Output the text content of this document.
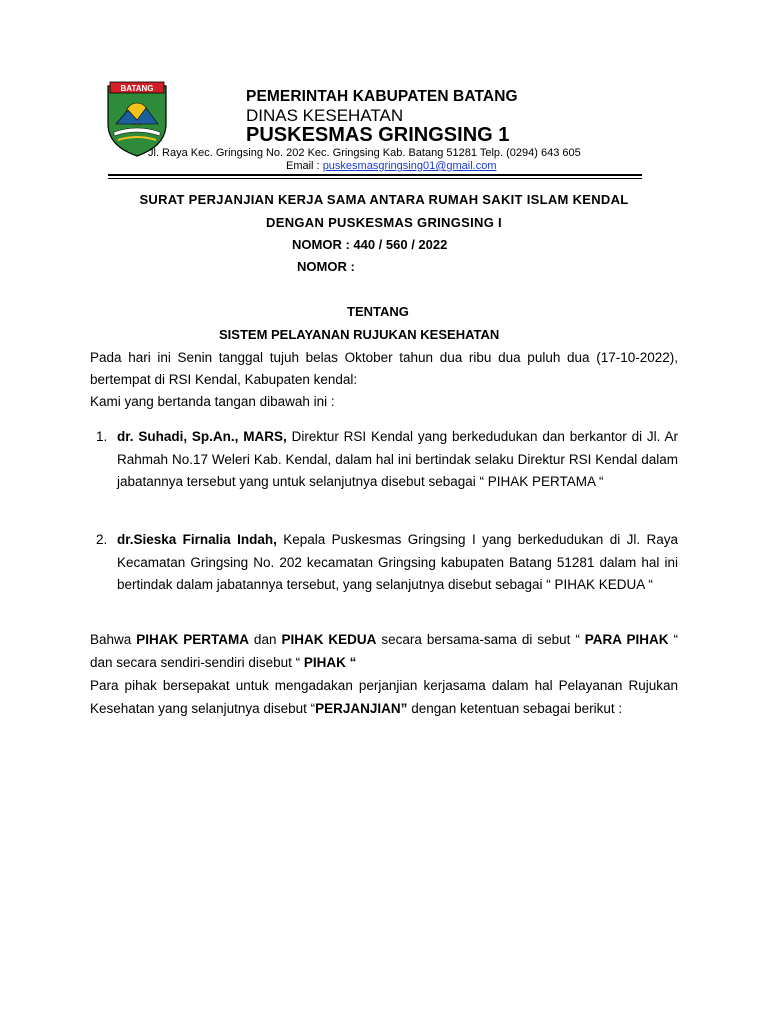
BATANG	PEMERINTAH KABUPATEN BATANG
DINAS KESEHATAN
PUSKESMAS GRINGSING 1
Jl. Raya Kec. Gringsing No. 202 Kec. Gringsing Kab. Batang 51281 Telp. (0294) 643 605
Email : puskesmasgringsing01@gmail.com
SURAT PERJANJIAN KERJA SAMA ANTARA RUMAH SAKIT ISLAM KENDAL
DENGAN PUSKESMAS GRINGSING I
NOMOR : 440 / 560 / 2022
NOMOR :
TENTANG
SISTEM PELAYANAN RUJUKAN KESEHATAN
Pada hari ini Senin tanggal tujuh belas Oktober tahun dua ribu dua puluh dua (17-10-2022), bertempat di RSI Kendal, Kabupaten kendal:
Kami yang bertanda tangan dibawah ini :
1. dr. Suhadi, Sp.An., MARS, Direktur RSI Kendal yang berkedudukan dan berkantor di Jl. Ar Rahmah No.17 Weleri Kab. Kendal, dalam hal ini bertindak selaku Direktur RSI Kendal dalam jabatannya tersebut yang untuk selanjutnya disebut sebagai “ PIHAK PERTAMA “
2. dr.Sieska Firnalia Indah, Kepala Puskesmas Gringsing I yang berkedudukan di Jl. Raya Kecamatan Gringsing No. 202 kecamatan Gringsing kabupaten Batang 51281 dalam hal ini bertindak dalam jabatannya tersebut, yang selanjutnya disebut sebagai “ PIHAK KEDUA “
Bahwa PIHAK PERTAMA dan PIHAK KEDUA secara bersama-sama di sebut “ PARA PIHAK “ dan secara sendiri-sendiri disebut “ PIHAK “
Para pihak bersepakat untuk mengadakan perjanjian kerjasama dalam hal Pelayanan Rujukan Kesehatan yang selanjutnya disebut “PERJANJIAN” dengan ketentuan sebagai berikut :
